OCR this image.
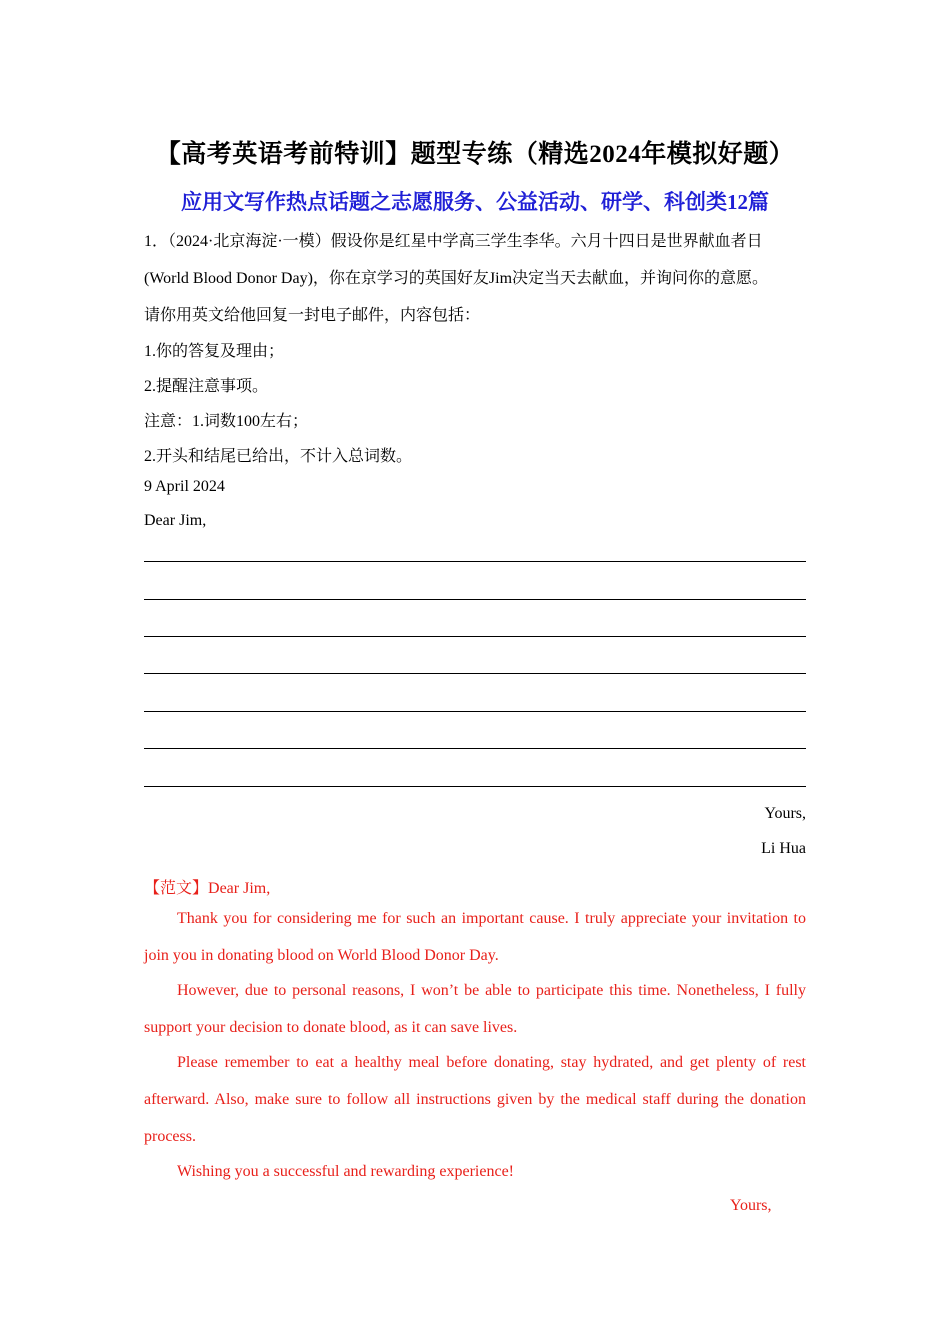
【高考英语考前特训】题型专练（精选2024年模拟好题）
应用文写作热点话题之志愿服务、公益活动、研学、科创类12篇
1．（2024·北京海淀·一模）假设你是红星中学高三学生李华。六月十四日是世界献血者日
(World Blood Donor Day)，你在京学习的英国好友Jim决定当天去献血，并询问你的意愿。
请你用英文给他回复一封电子邮件，内容包括：
1.你的答复及理由；
2.提醒注意事项。
注意：1.词数100左右；
2.开头和结尾已给出，不计入总词数。
9 April 2024
Dear Jim,
Yours,
Li Hua
【范文】Dear Jim,
Thank you for considering me for such an important cause. I truly appreciate your invitation to join you in donating blood on World Blood Donor Day.
However, due to personal reasons, I won’t be able to participate this time. Nonetheless, I fully support your decision to donate blood, as it can save lives.
Please remember to eat a healthy meal before donating, stay hydrated, and get plenty of rest afterward. Also, make sure to follow all instructions given by the medical staff during the donation process.
Wishing you a successful and rewarding experience!
Yours,
